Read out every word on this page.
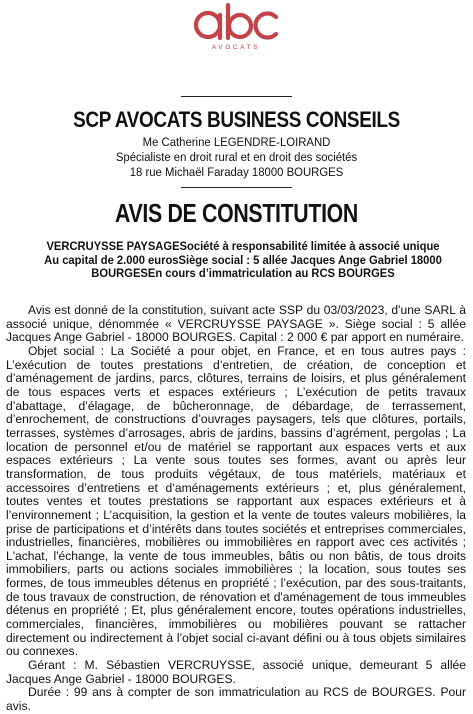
AVOCATS
SCP AVOCATS BUSINESS CONSEILS
Me Catherine LEGENDRE-LOIRAND
Spécialiste en droit rural et en droit des sociétés
18 rue Michaël Faraday 18000 BOURGES
AVIS DE CONSTITUTION
VERCRUYSSE PAYSAGESociété à responsabilité limitée à associé unique
Au capital de 2.000 eurosSiège social : 5 allée Jacques Ange Gabriel 18000
BOURGESEn cours d’immatriculation au RCS BOURGES

Avis est donné de la constitution, suivant acte SSP du 03/03/2023, d'une SARL à associé unique, dénommée « VERCRUYSSE PAYSAGE ». Siège social : 5 allée Jacques Ange Gabriel - 18000 BOURGES. Capital : 2 000 € par apport en numéraire.

Objet social : La Société a pour objet, en France, et en tous autres pays : L’exécution de toutes prestations d’entretien, de création, de conception et d’aménagement de jardins, parcs, clôtures, terrains de loisirs, et plus généralement de tous espaces verts et espaces extérieurs ; L’exécution de petits travaux d’abattage, d’élagage, de bûcheronnage, de débardage, de terrassement, d’enrochement, de constructions d’ouvrages paysagers, tels que clôtures, portails, terrasses, systèmes d’arrosages, abris de jardins, bassins d’agrément, pergolas ; La location de personnel et/ou de matériel se rapportant aux espaces verts et aux espaces extérieurs ; La vente sous toutes ses formes, avant ou après leur transformation, de tous produits végétaux, de tous matériels, matériaux et accessoires d’entretiens et d’aménagements extérieurs ; et, plus généralement, toutes ventes et toutes prestations se rapportant aux espaces extérieurs et à l’environnement ; L’acquisition, la gestion et la vente de toutes valeurs mobilières, la prise de participations et d’intérêts dans toutes sociétés et entreprises commerciales, industrielles, financières, mobilières ou immobilières en rapport avec ces activités ; L'achat, l'échange, la vente de tous immeubles, bâtis ou non bâtis, de tous droits immobiliers, parts ou actions sociales immobilières ; la location, sous toutes ses formes, de tous immeubles détenus en propriété ; l’exécution, par des sous-traitants, de tous travaux de construction, de rénovation et d'aménagement de tous immeubles détenus en propriété ; Et, plus généralement encore, toutes opérations industrielles, commerciales, financières, immobilières ou mobilières pouvant se rattacher directement ou indirectement à l’objet social ci-avant défini ou à tous objets similaires ou connexes.

Gérant : M. Sébastien VERCRUYSSE, associé unique, demeurant 5 allée Jacques Ange Gabriel - 18000 BOURGES.

Durée : 99 ans à compter de son immatriculation au RCS de BOURGES. Pour avis.
